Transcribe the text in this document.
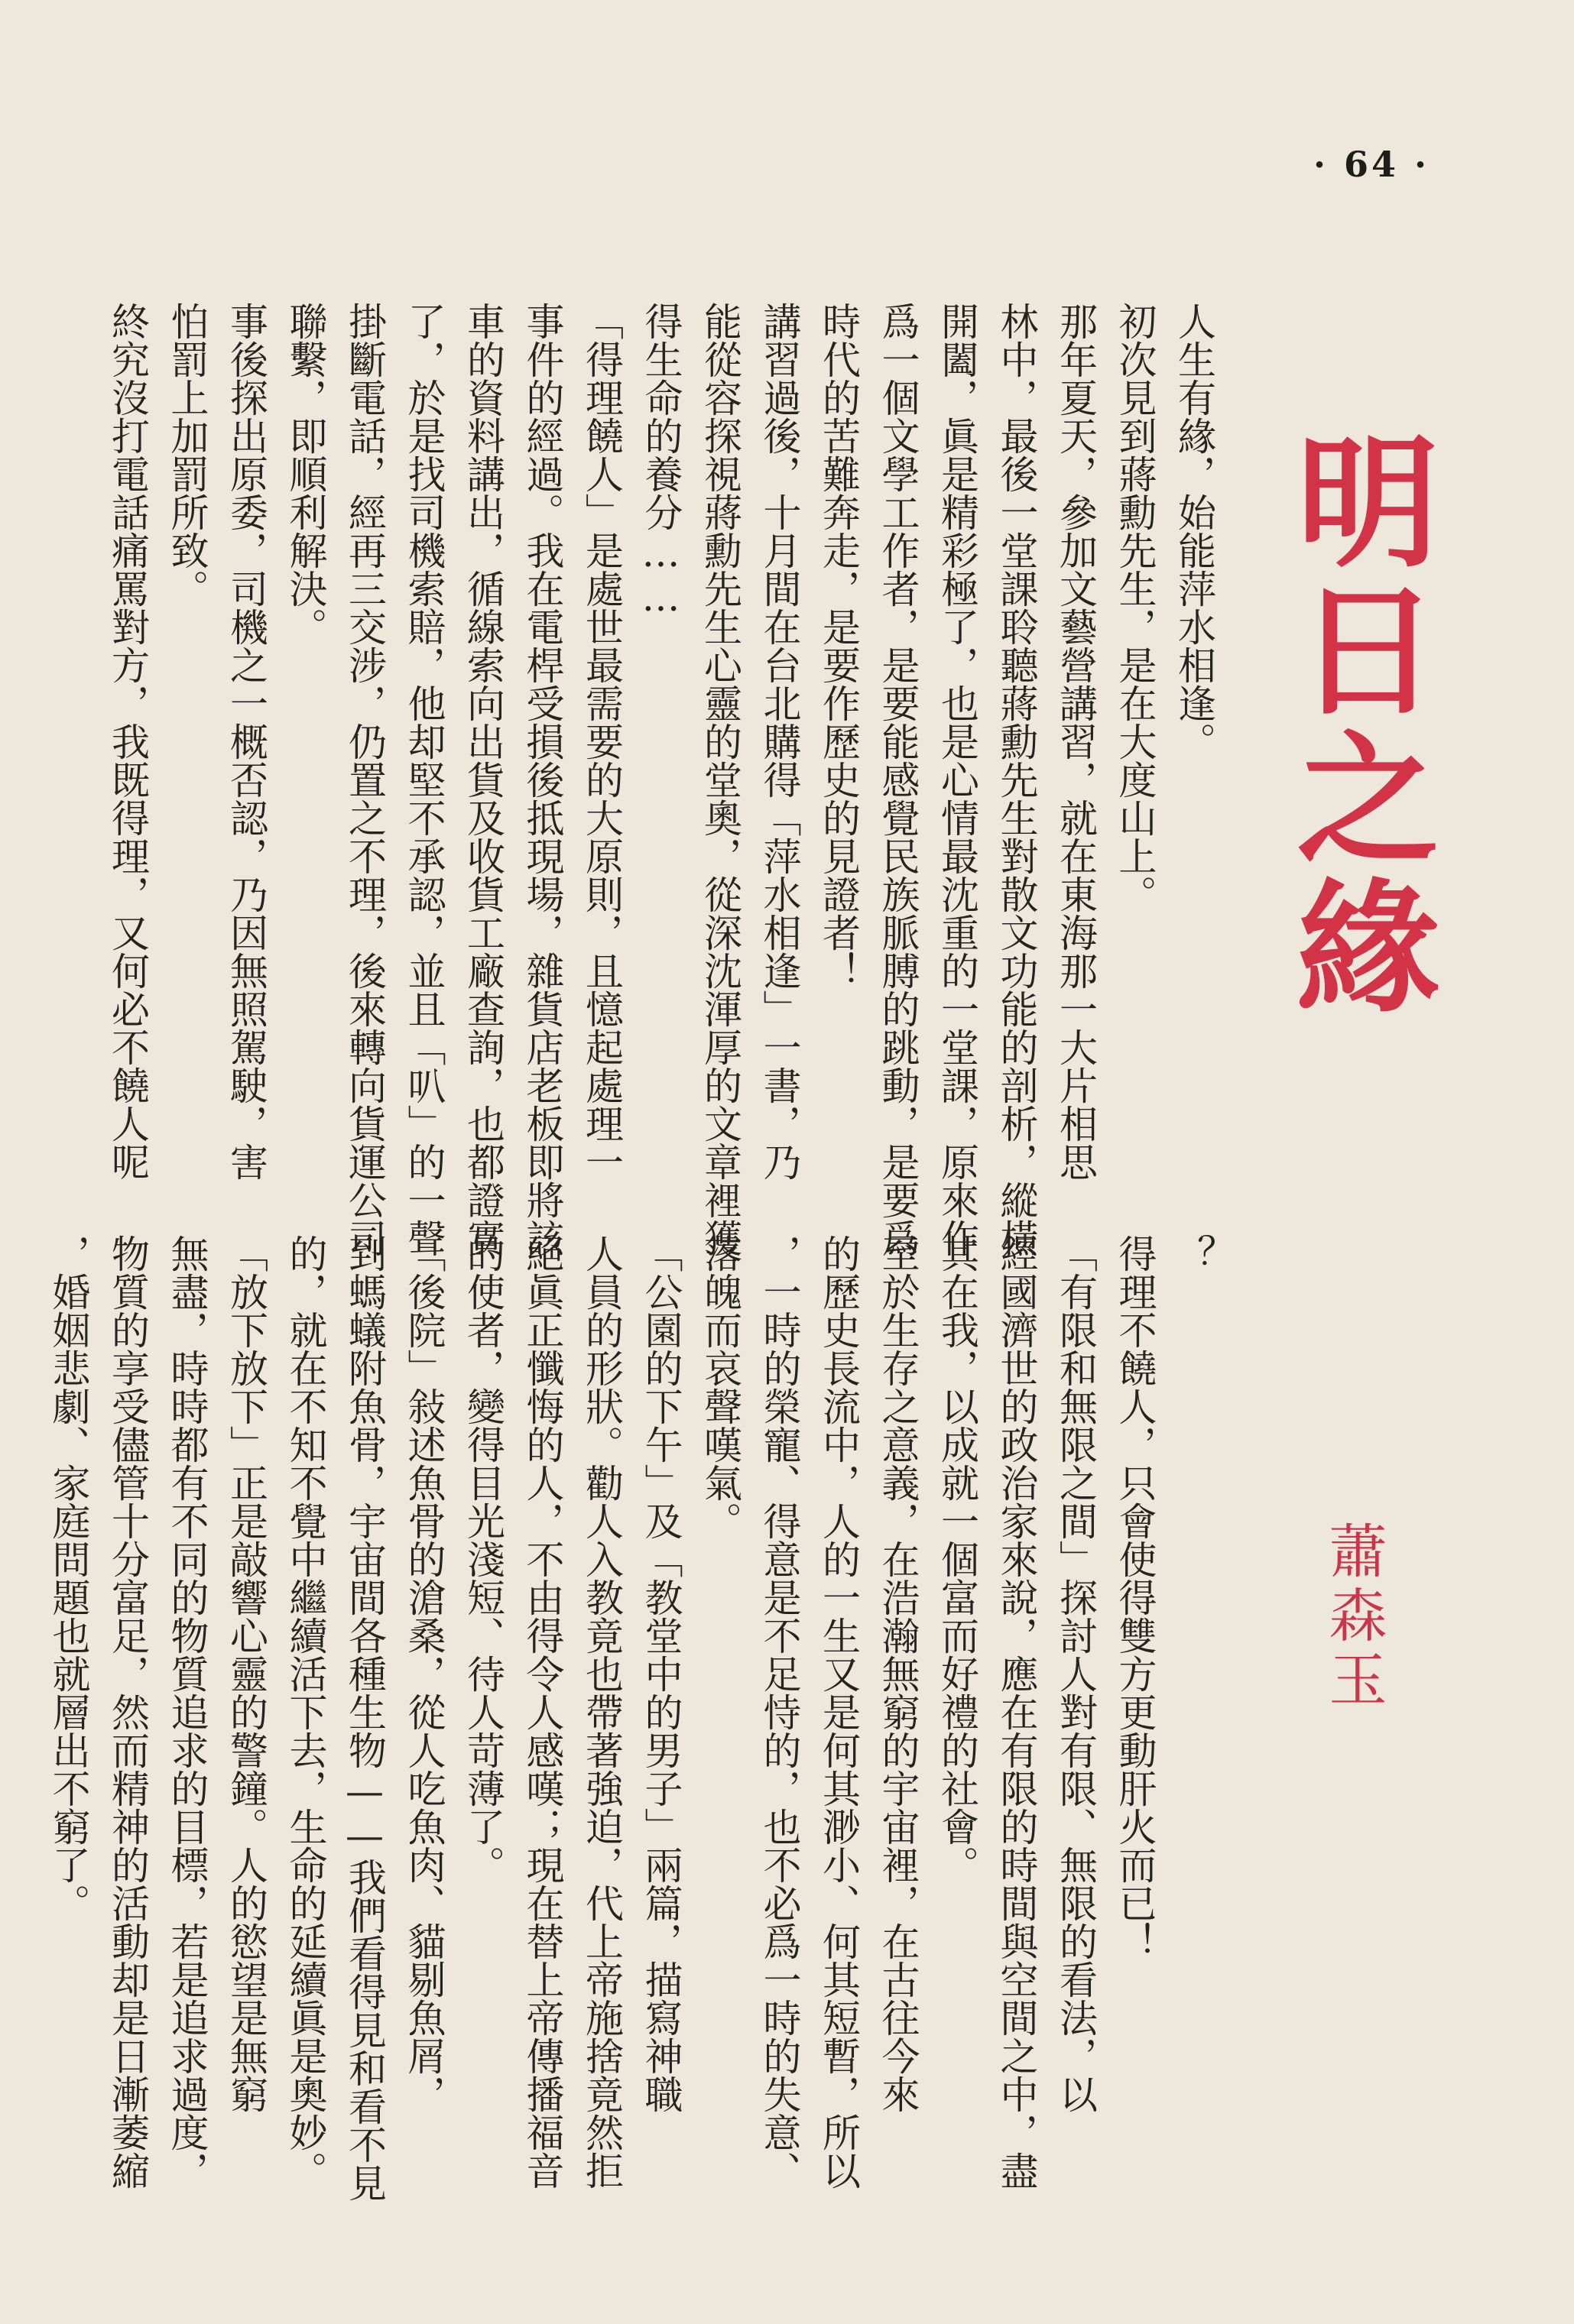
· 64 ·
明日之緣
蕭森玉

人生有緣，始能萍水相逢。

初次見到蔣勳先生，是在大度山上。

那年夏天，參加文藝營講習，就在東海那一大片相思

林中，最後一堂課聆聽蔣勳先生對散文功能的剖析，縱橫

開闔，眞是精彩極了，也是心情最沈重的一堂課，原來作

爲一個文學工作者，是要能感覺民族脈膊的跳動，是要爲

時代的苦難奔走，是要作歷史的見證者！

講習過後，十月間在台北購得「萍水相逢」一書，乃

能從容探視蔣勳先生心靈的堂奧，從深沈渾厚的文章裡獲

得生命的養分……

「得理饒人」是處世最需要的大原則，且憶起處理一

事件的經過。我在電桿受損後抵現場，雜貨店老板即將該

車的資料講出，循線索向出貨及收貨工廠查詢，也都證實

了，於是找司機索賠，他却堅不承認，並且「叭」的一聲

掛斷電話，經再三交涉，仍置之不理，後來轉向貨運公司

聯繫，即順利解決。

事後探出原委，司機之一概否認，乃因無照駕駛，害

怕罰上加罰所致。

終究沒打電話痛罵對方，我既得理，又何必不饒人呢

？

得理不饒人，只會使得雙方更動肝火而已！

「有限和無限之間」探討人對有限、無限的看法，以

經國濟世的政治家來說，應在有限的時間與空間之中，盡

其在我，以成就一個富而好禮的社會。

至於生存之意義，在浩瀚無窮的宇宙裡，在古往今來

的歷史長流中，人的一生又是何其渺小、何其短暫，所以

，一時的榮寵、得意是不足恃的，也不必爲一時的失意、

落魄而哀聲嘆氣。

「公園的下午」及「教堂中的男子」兩篇，描寫神職

人員的形狀。勸人入教竟也帶著強迫，代上帝施捨竟然拒

絕眞正懺悔的人，不由得令人感嘆；現在替上帝傳播福音

的使者，變得目光淺短、待人苛薄了。

「後院」敍述魚骨的滄桑，從人吃魚肉、貓剔魚屑，

到螞蟻附魚骨，宇宙間各種生物——我們看得見和看不見

的，就在不知不覺中繼續活下去，生命的延續眞是奧妙。

「放下放下」正是敲響心靈的警鐘。人的慾望是無窮

無盡，時時都有不同的物質追求的目標，若是追求過度，

物質的享受儘管十分富足，然而精神的活動却是日漸萎縮

，婚姻悲劇、家庭問題也就層出不窮了。
